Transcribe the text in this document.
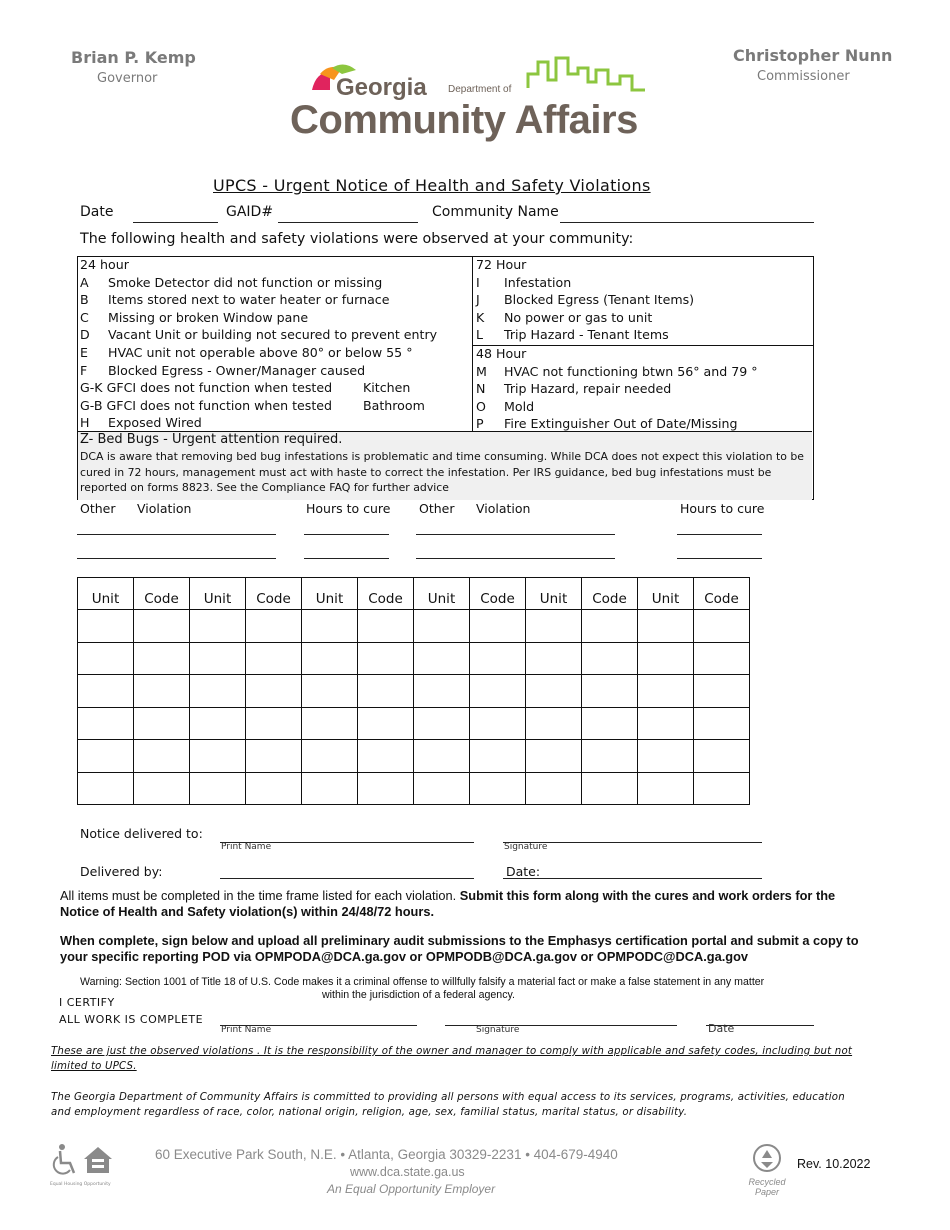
Brian P. Kemp
Governor
Christopher Nunn
Commissioner
Georgia Department of
Community Affairs
UPCS - Urgent Notice of Health and Safety Violations
Date	GAID#	Community Name
The following health and safety violations were observed at your community:
24 hour
A Smoke Detector did not function or missing
B Items stored next to water heater or furnace
C Missing or broken Window pane
D Vacant Unit or building not secured to prevent entry
E HVAC unit not operable above 80° or below 55 °
F Blocked Egress - Owner/Manager caused
G-K GFCI does not function when tested Kitchen
G-B GFCI does not function when tested Bathroom
H Exposed Wired
72 Hour
I Infestation
J Blocked Egress (Tenant Items)
K No power or gas to unit
L Trip Hazard - Tenant Items
48 Hour
M HVAC not functioning btwn 56° and 79 °
N Trip Hazard, repair needed
O Mold
P Fire Extinguisher Out of Date/Missing
Z- Bed Bugs - Urgent attention required.
DCA is aware that removing bed bug infestations is problematic and time consuming. While DCA does not expect this violation to be
cured in 72 hours, management must act with haste to correct the infestation. Per IRS guidance, bed bug infestations must be
reported on forms 8823. See the Compliance FAQ for further advice
Other Violation	Hours to cure Other Violation	Hours to cure
Unit	Code	Unit	Code	Unit	Code	Unit	Code	Unit	Code	Unit	Code

Notice delivered to:
Print Name	Signature
Delivered by:	Date:
All items must be completed in the time frame listed for each violation. Submit this form along with the cures and work orders for the Notice of Health and Safety violation(s) within 24/48/72 hours.
When complete, sign below and upload all preliminary audit submissions to the Emphasys certification portal and submit a copy to your specific reporting POD via OPMPODA@DCA.ga.gov or OPMPODB@DCA.ga.gov or OPMPODC@DCA.ga.gov
Warning: Section 1001 of Title 18 of U.S. Code makes it a criminal offense to willfully falsify a material fact or make a false statement in any matter
within the jurisdiction of a federal agency.
I CERTIFY
ALL WORK IS COMPLETE
Print Name	Signature	Date
These are just the observed violations . It is the responsibility of the owner and manager to comply with applicable and safety codes, including but not
limited to UPCS.
The Georgia Department of Community Affairs is committed to providing all persons with equal access to its services, programs, activities, education
and employment regardless of race, color, national origin, religion, age, sex, familial status, marital status, or disability.
Equal Housing Opportunity
60 Executive Park South, N.E. • Atlanta, Georgia 30329-2231 • 404-679-4940
www.dca.state.ga.us
An Equal Opportunity Employer	Recycled
Paper
Rev. 10.2022
